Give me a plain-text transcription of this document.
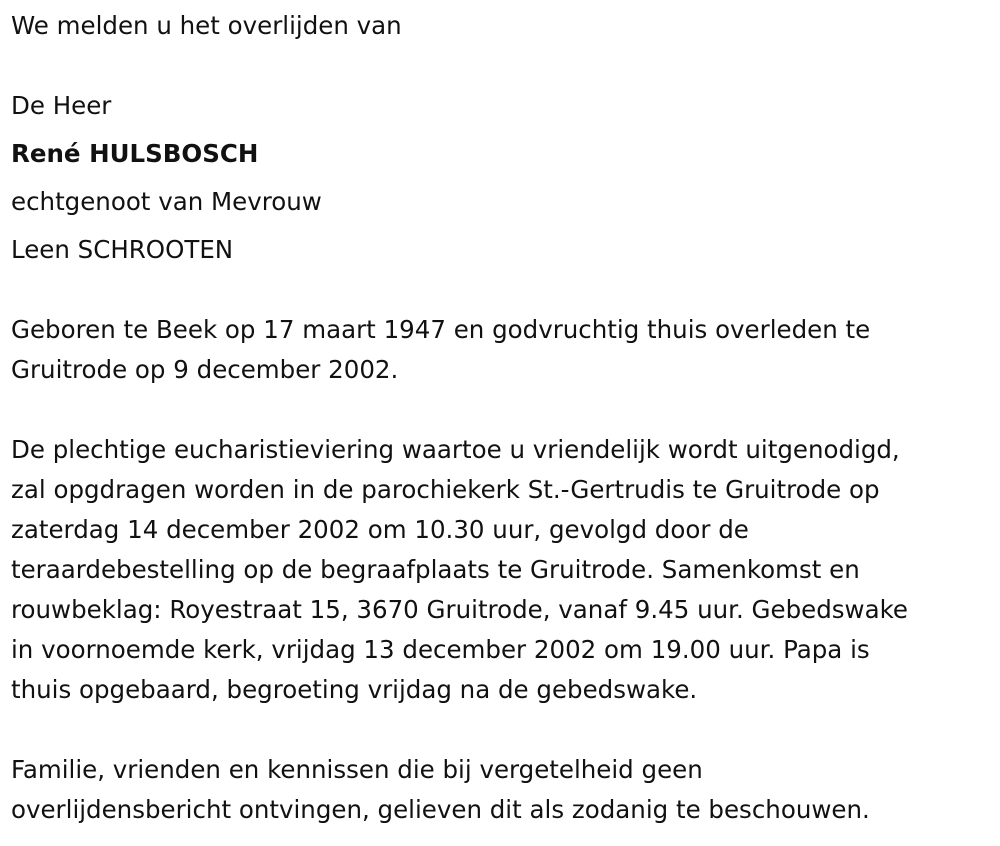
We melden u het overlijden van

De Heer

René HULSBOSCH

echtgenoot van Mevrouw

Leen SCHROOTEN

Geboren te Beek op 17 maart 1947 en godvruchtig thuis overleden te
Gruitrode op 9 december 2002.

De plechtige eucharistieviering waartoe u vriendelijk wordt uitgenodigd,
zal opgdragen worden in de parochiekerk St.-Gertrudis te Gruitrode op
zaterdag 14 december 2002 om 10.30 uur, gevolgd door de
teraardebestelling op de begraafplaats te Gruitrode. Samenkomst en
rouwbeklag: Royestraat 15, 3670 Gruitrode, vanaf 9.45 uur. Gebedswake
in voornoemde kerk, vrijdag 13 december 2002 om 19.00 uur. Papa is
thuis opgebaard, begroeting vrijdag na de gebedswake.

Familie, vrienden en kennissen die bij vergetelheid geen
overlijdensbericht ontvingen, gelieven dit als zodanig te beschouwen.
